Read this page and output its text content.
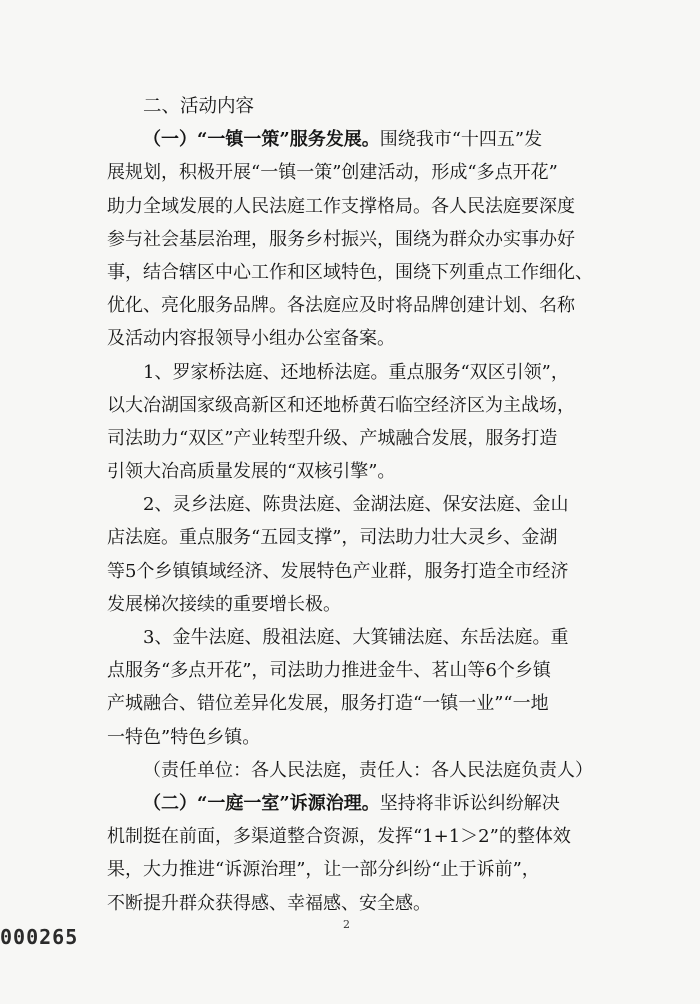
二、活动内容
（一）“一镇一策”服务发展。围绕我市“十四五”发
展规划，积极开展“一镇一策”创建活动，形成“多点开花”
助力全域发展的人民法庭工作支撑格局。各人民法庭要深度
参与社会基层治理，服务乡村振兴，围绕为群众办实事办好
事，结合辖区中心工作和区域特色，围绕下列重点工作细化、
优化、亮化服务品牌。各法庭应及时将品牌创建计划、名称
及活动内容报领导小组办公室备案。
1、罗家桥法庭、还地桥法庭。重点服务“双区引领”，
以大冶湖国家级高新区和还地桥黄石临空经济区为主战场，
司法助力“双区”产业转型升级、产城融合发展，服务打造
引领大冶高质量发展的“双核引擎”。
2、灵乡法庭、陈贵法庭、金湖法庭、保安法庭、金山
店法庭。重点服务“五园支撑”，司法助力壮大灵乡、金湖
等5个乡镇镇域经济、发展特色产业群，服务打造全市经济
发展梯次接续的重要增长极。
3、金牛法庭、殷祖法庭、大箕铺法庭、东岳法庭。重
点服务“多点开花”，司法助力推进金牛、茗山等6个乡镇
产城融合、错位差异化发展，服务打造“一镇一业”“一地
一特色”特色乡镇。
（责任单位：各人民法庭，责任人：各人民法庭负责人）
（二）“一庭一室”诉源治理。坚持将非诉讼纠纷解决
机制挺在前面，多渠道整合资源，发挥“1+1＞2”的整体效
果，大力推进“诉源治理”，让一部分纠纷“止于诉前”，
不断提升群众获得感、幸福感、安全感。
2
000265
